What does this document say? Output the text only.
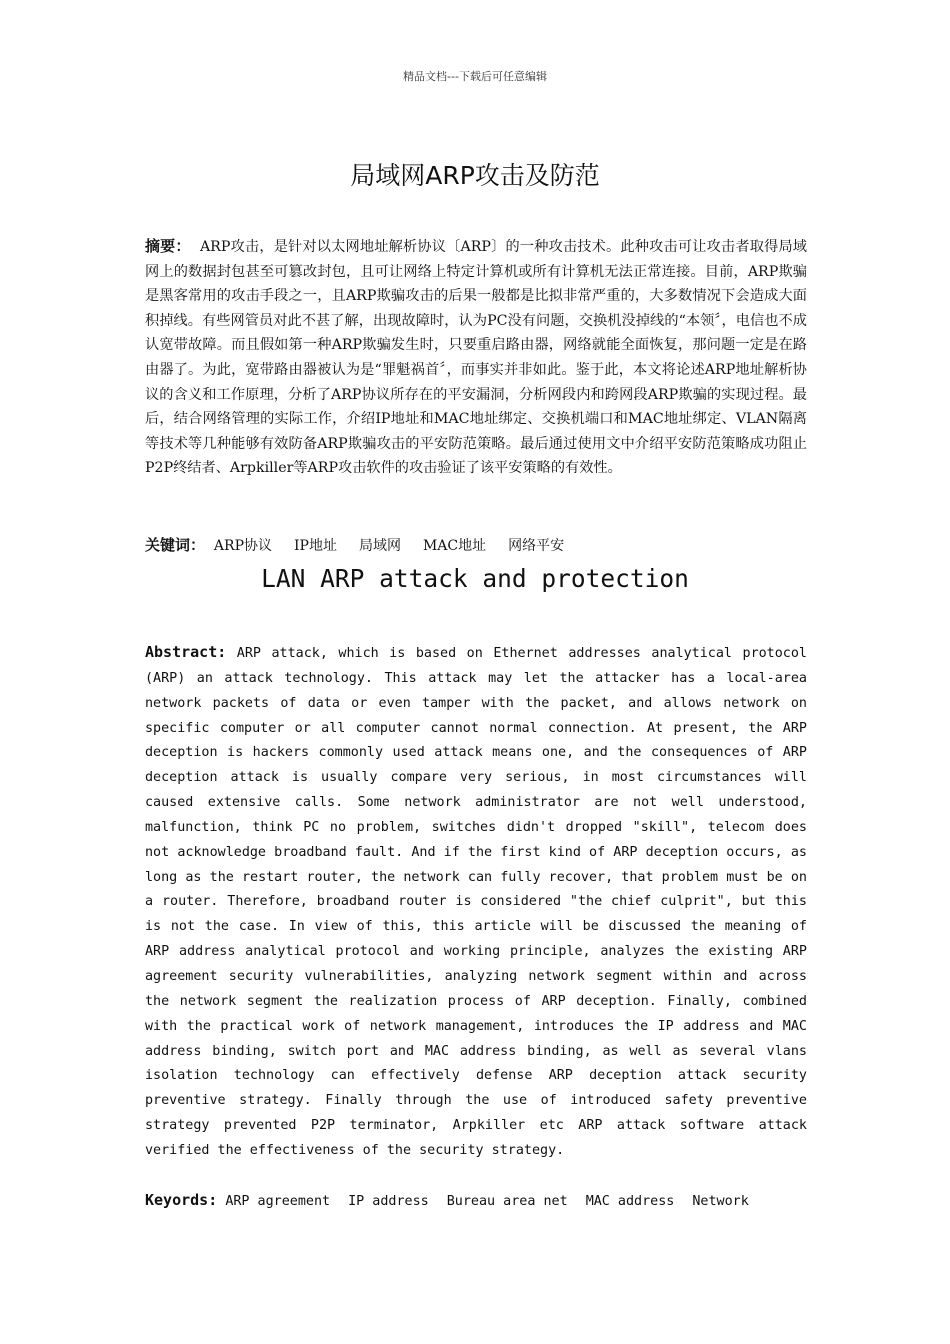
精品文档---下载后可任意编辑
局域网ARP攻击及防范
摘要： ARP攻击，是针对以太网地址解析协议〔ARP〕的一种攻击技术。此种攻击可让攻击者取得局域网上的数据封包甚至可篡改封包，且可让网络上特定计算机或所有计算机无法正常连接。目前，ARP欺骗是黑客常用的攻击手段之一，且ARP欺骗攻击的后果一般都是比拟非常严重的，大多数情况下会造成大面积掉线。有些网管员对此不甚了解，出现故障时，认为PC没有问题，交换机没掉线的“本领〞，电信也不成认宽带故障。而且假如第一种ARP欺骗发生时，只要重启路由器，网络就能全面恢复，那问题一定是在路由器了。为此，宽带路由器被认为是“罪魁祸首〞，而事实并非如此。鉴于此，本文将论述ARP地址解析协议的含义和工作原理，分析了ARP协议所存在的平安漏洞，分析网段内和跨网段ARP欺骗的实现过程。最后，结合网络管理的实际工作，介绍IP地址和MAC地址绑定、交换机端口和MAC地址绑定、VLAN隔离等技术等几种能够有效防备ARP欺骗攻击的平安防范策略。最后通过使用文中介绍平安防范策略成功阻止P2P终结者、Arpkiller等ARP攻击软件的攻击验证了该平安策略的有效性。
关键词： ARP协议 IP地址 局域网 MAC地址 网络平安
LAN ARP attack and protection
Abstract: ARP attack, which is based on Ethernet addresses analytical protocol (ARP) an attack technology. This attack may let the attacker has a local-area network packets of data or even tamper with the packet, and allows network on specific computer or all computer cannot normal connection. At present, the ARP deception is hackers commonly used attack means one, and the consequences of ARP deception attack is usually compare very serious, in most circumstances will caused extensive calls. Some network administrator are not well understood, malfunction, think PC no problem, switches didn't dropped "skill", telecom does not acknowledge broadband fault. And if the first kind of ARP deception occurs, as long as the restart router, the network can fully recover, that problem must be on a router. Therefore, broadband router is considered "the chief culprit", but this is not the case. In view of this, this article will be discussed the meaning of ARP address analytical protocol and working principle, analyzes the existing ARP agreement security vulnerabilities, analyzing network segment within and across the network segment the realization process of ARP deception. Finally, combined with the practical work of network management, introduces the IP address and MAC address binding, switch port and MAC address binding, as well as several vlans isolation technology can effectively defense ARP deception attack security preventive strategy. Finally through the use of introduced safety preventive strategy prevented P2P terminator, Arpkiller etc ARP attack software attack verified the effectiveness of the security strategy.
Keyords: ARP agreement IP address Bureau area net MAC address Network
